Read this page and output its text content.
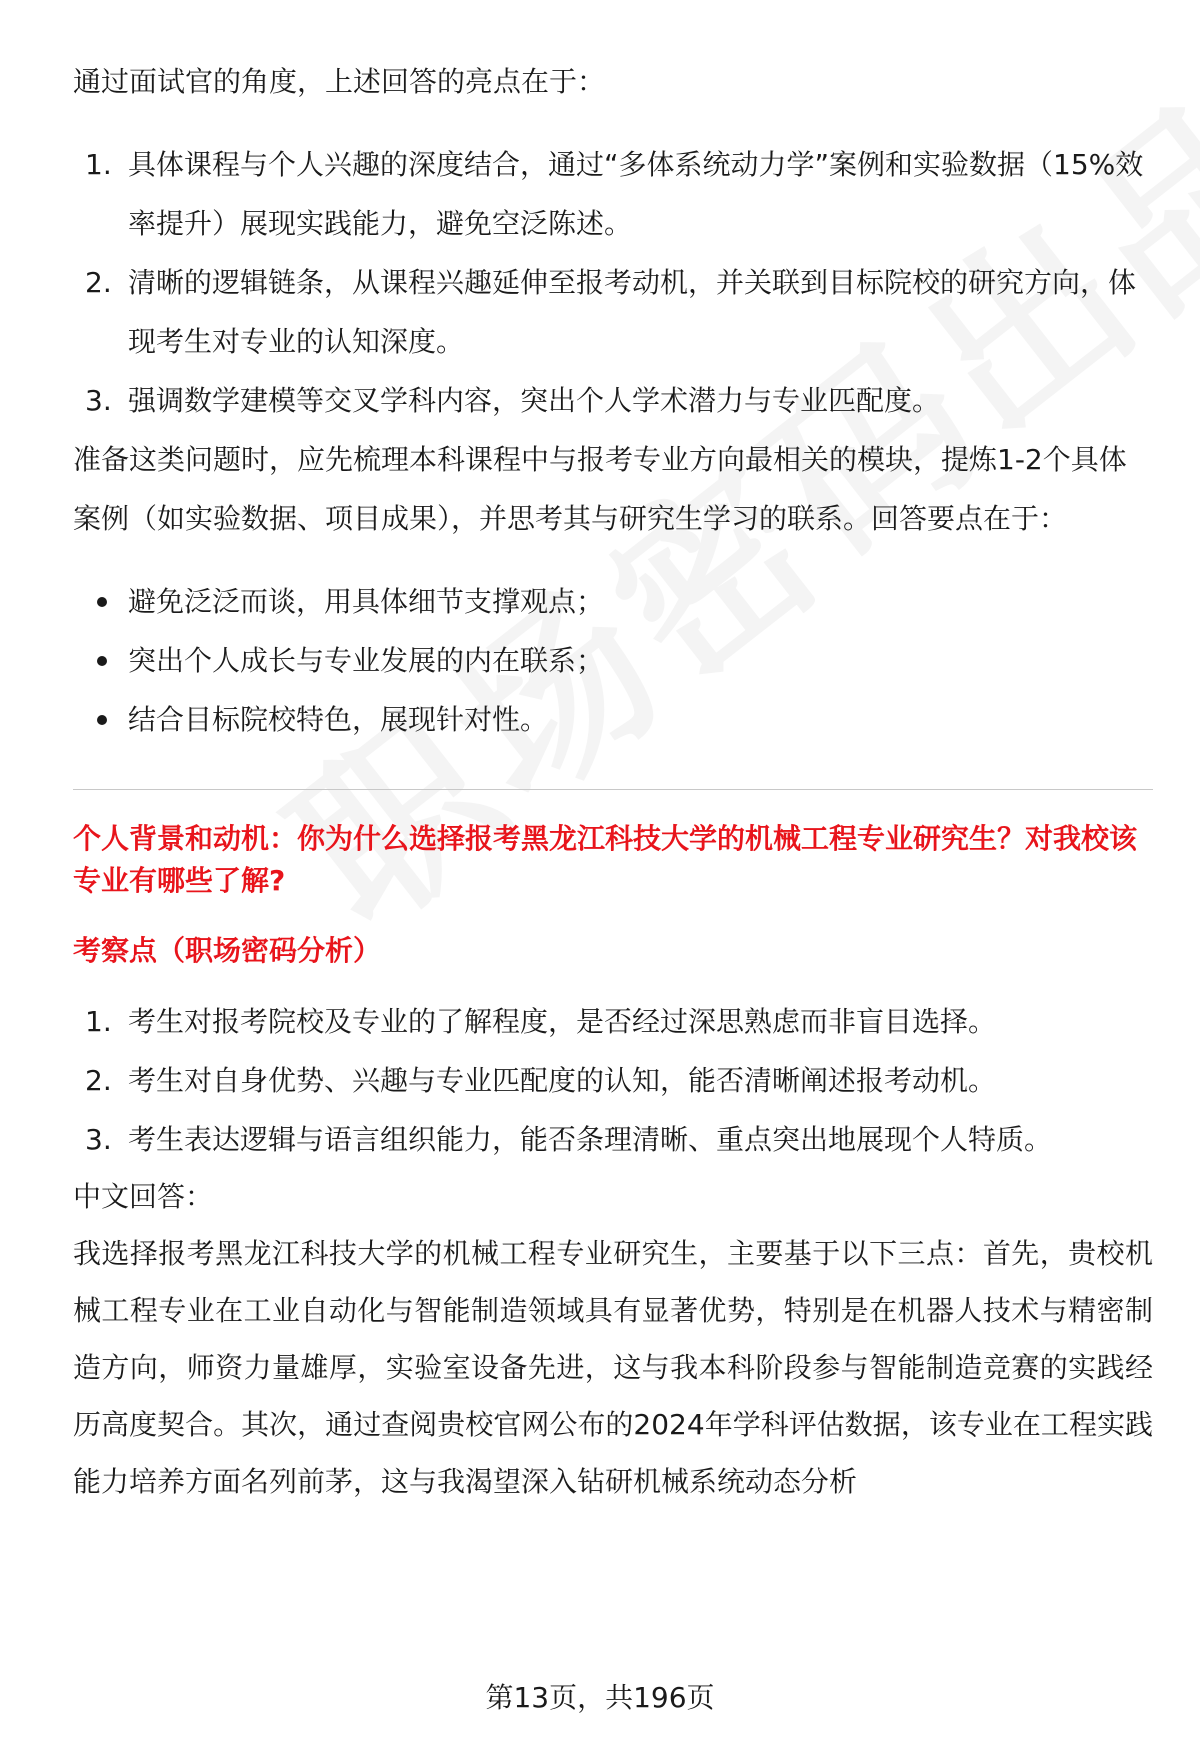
通过面试官的角度，上述回答的亮点在于：

1. 具体课程与个人兴趣的深度结合，通过“多体系统动力学”案例和实验数据（15%效率提升）展现实践能力，避免空泛陈述。
2. 清晰的逻辑链条，从课程兴趣延伸至报考动机，并关联到目标院校的研究方向，体现考生对专业的认知深度。
3. 强调数学建模等交叉学科内容，突出个人学术潜力与专业匹配度。

准备这类问题时，应先梳理本科课程中与报考专业方向最相关的模块，提炼1-2个具体案例（如实验数据、项目成果），并思考其与研究生学习的联系。回答要点在于：

避免泛泛而谈，用具体细节支撑观点；
突出个人成长与专业发展的内在联系；
结合目标院校特色，展现针对性。

个人背景和动机：你为什么选择报考黑龙江科技大学的机械工程专业研究生？对我校该专业有哪些了解?

考察点（职场密码分析）

1. 考生对报考院校及专业的了解程度，是否经过深思熟虑而非盲目选择。
2. 考生对自身优势、兴趣与专业匹配度的认知，能否清晰阐述报考动机。
3. 考生表达逻辑与语言组织能力，能否条理清晰、重点突出地展现个人特质。

中文回答：

我选择报考黑龙江科技大学的机械工程专业研究生，主要基于以下三点：首先，贵校机械工程专业在工业自动化与智能制造领域具有显著优势，特别是在机器人技术与精密制造方向，师资力量雄厚，实验室设备先进，这与我本科阶段参与智能制造竞赛的实践经历高度契合。其次，通过查阅贵校官网公布的2024年学科评估数据，该专业在工程实践能力培养方面名列前茅，这与我渴望深入钻研机械系统动态分析

第13页，共196页
